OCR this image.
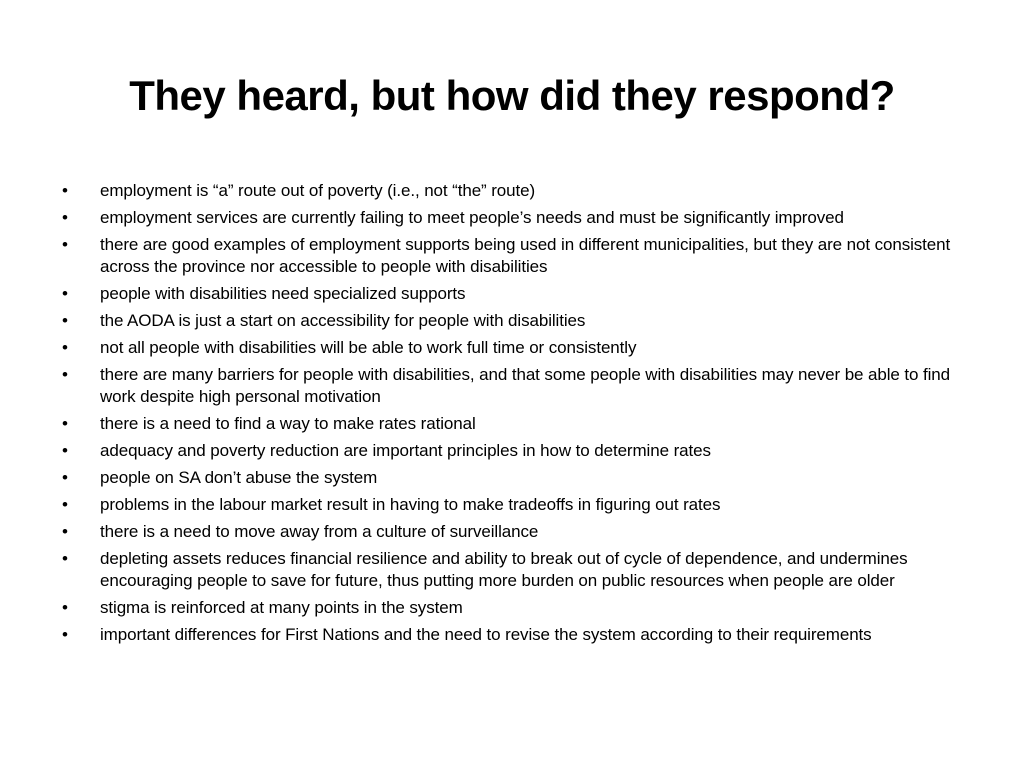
They heard, but how did they respond?
• employment is “a” route out of poverty (i.e., not “the” route)
• employment services are currently failing to meet people’s needs and must be significantly improved
• there are good examples of employment supports being used in different municipalities, but they are not consistent across the province nor accessible to people with disabilities
• people with disabilities need specialized supports
• the AODA is just a start on accessibility for people with disabilities
• not all people with disabilities will be able to work full time or consistently
• there are many barriers for people with disabilities, and that some people with disabilities may never be able to find work despite high personal motivation
• there is a need to find a way to make rates rational
• adequacy and poverty reduction are important principles in how to determine rates
• people on SA don’t abuse the system
• problems in the labour market result in having to make tradeoffs in figuring out rates
• there is a need to move away from a culture of surveillance
• depleting assets reduces financial resilience and ability to break out of cycle of dependence, and undermines encouraging people to save for future, thus putting more burden on public resources when people are older
• stigma is reinforced at many points in the system
• important differences for First Nations and the need to revise the system according to their requirements
